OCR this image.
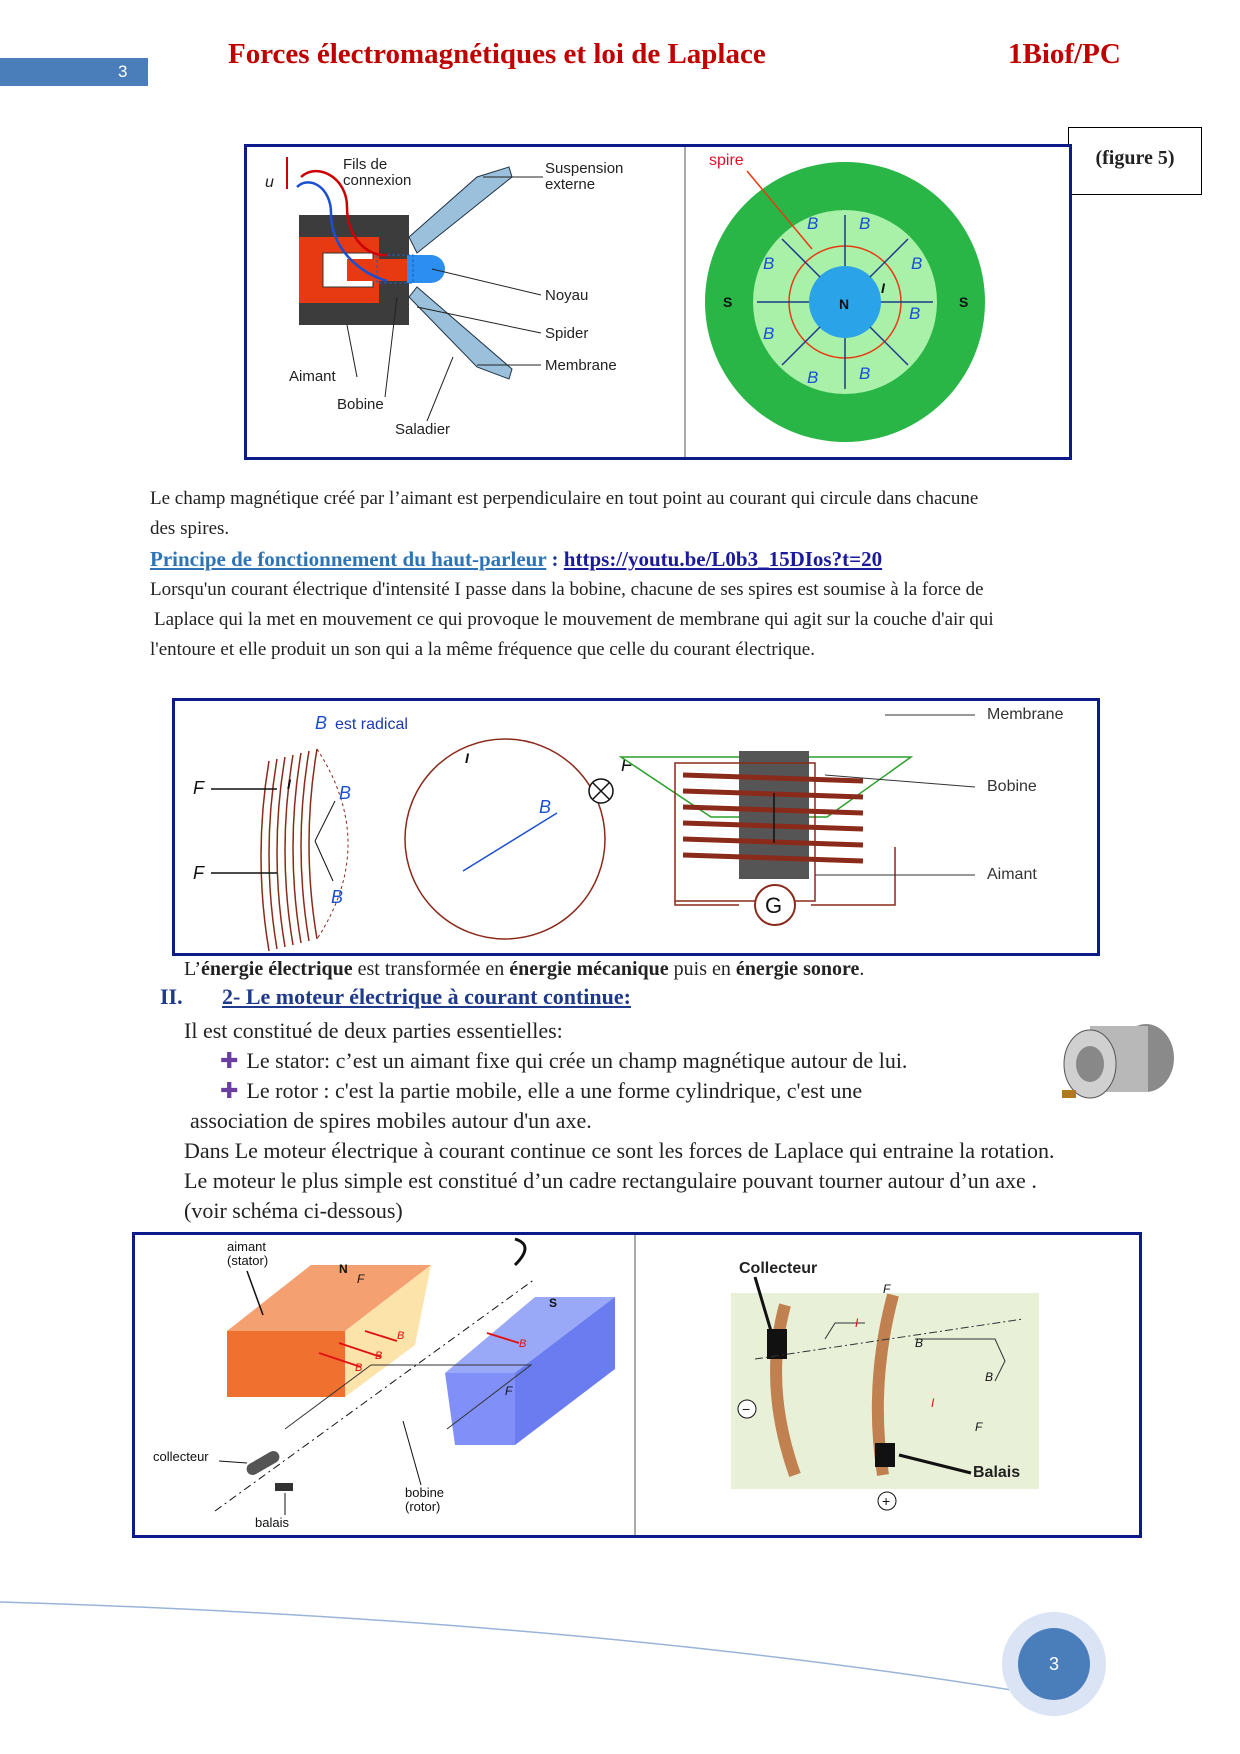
3
Forces électromagnétiques et loi de Laplace	1Biof/PC
(figure 5)
u
Fils de
connexion
Suspension
externe
Noyau
Spider
Membrane
Aimant
Bobine
Saladier
N
S	S
I
spire
B B
B	B
B
B
B B
Le champ magnétique créé par l’aimant est perpendiculaire en tout point au courant qui circule dans chacune
des spires.
Principe de fonctionnement du haut-parleur : https://youtu.be/L0b3_15DIos?t=20
Lorsqu'un courant électrique d'intensité I passe dans la bobine, chacune de ses spires est soumise à la force de
Laplace qui la met en mouvement ce qui provoque le mouvement de membrane qui agit sur la couche d'air qui
l'entoure et elle produit un son qui a la même fréquence que celle du courant électrique.
F
F
B
B
I
B est radical
B
I	F
G
Membrane
Bobine
Aimant
L’énergie électrique est transformée en énergie mécanique puis en énergie sonore.
II. 2- Le moteur électrique à courant continue:
Il est constitué de deux parties essentielles:
✚ Le stator: c’est un aimant fixe qui crée un champ magnétique autour de lui.
✚ Le rotor : c'est la partie mobile, elle a une forme cylindrique, c'est une
association de spires mobiles autour d'un axe.
Dans Le moteur électrique à courant continue ce sont les forces de Laplace qui entraine la rotation.
Le moteur le plus simple est constitué d’un cadre rectangulaire pouvant tourner autour d’un axe .
(voir schéma ci-dessous)
N
S
B
B
B
B
F
F
aimant
(stator)
collecteur
balais
bobine
(rotor)
Collecteur
Balais
−
+
I
I
F
F
B
B
3
